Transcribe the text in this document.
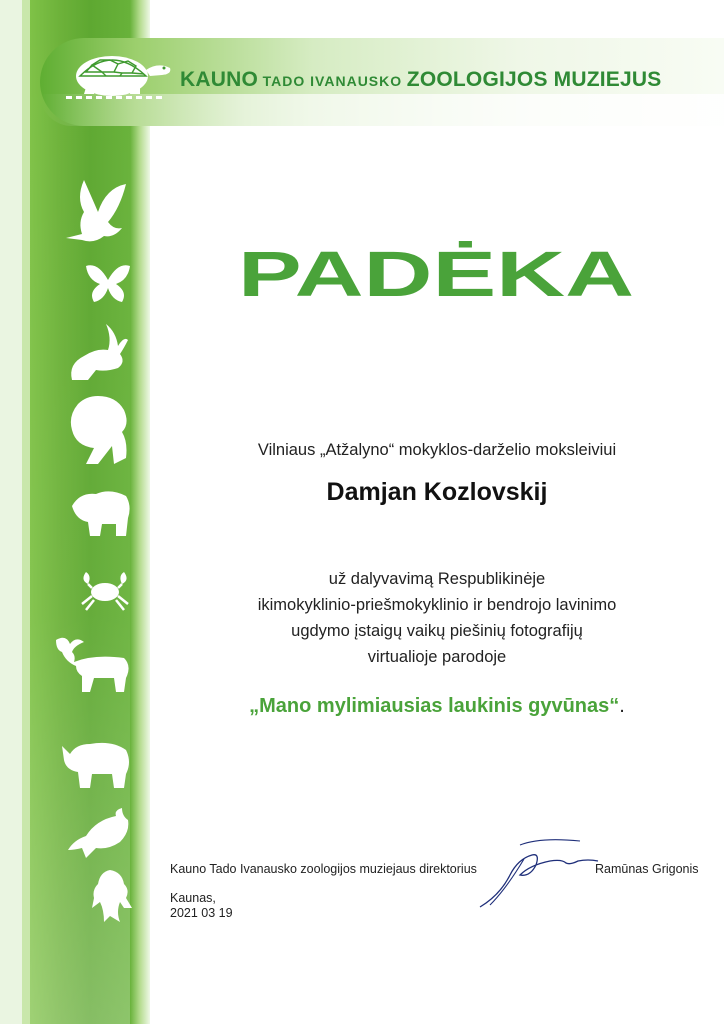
KAUNO TADO IVANAUSKO ZOOLOGIJOS MUZIEJUS
PADĖKA
Vilniaus „Atžalyno“ mokyklos-darželio moksleiviui
Damjan Kozlovskij
už dalyvavimą Respublikinėje
ikimokyklinio-priešmokyklinio ir bendrojo lavinimo
ugdymo įstaigų vaikų piešinių fotografijų
virtualioje parodoje
„Mano mylimiausias laukinis gyvūnas“.
Kauno Tado Ivanausko zoologijos muziejaus direktorius	Ramūnas Grigonis
Kaunas,
2021 03 19
